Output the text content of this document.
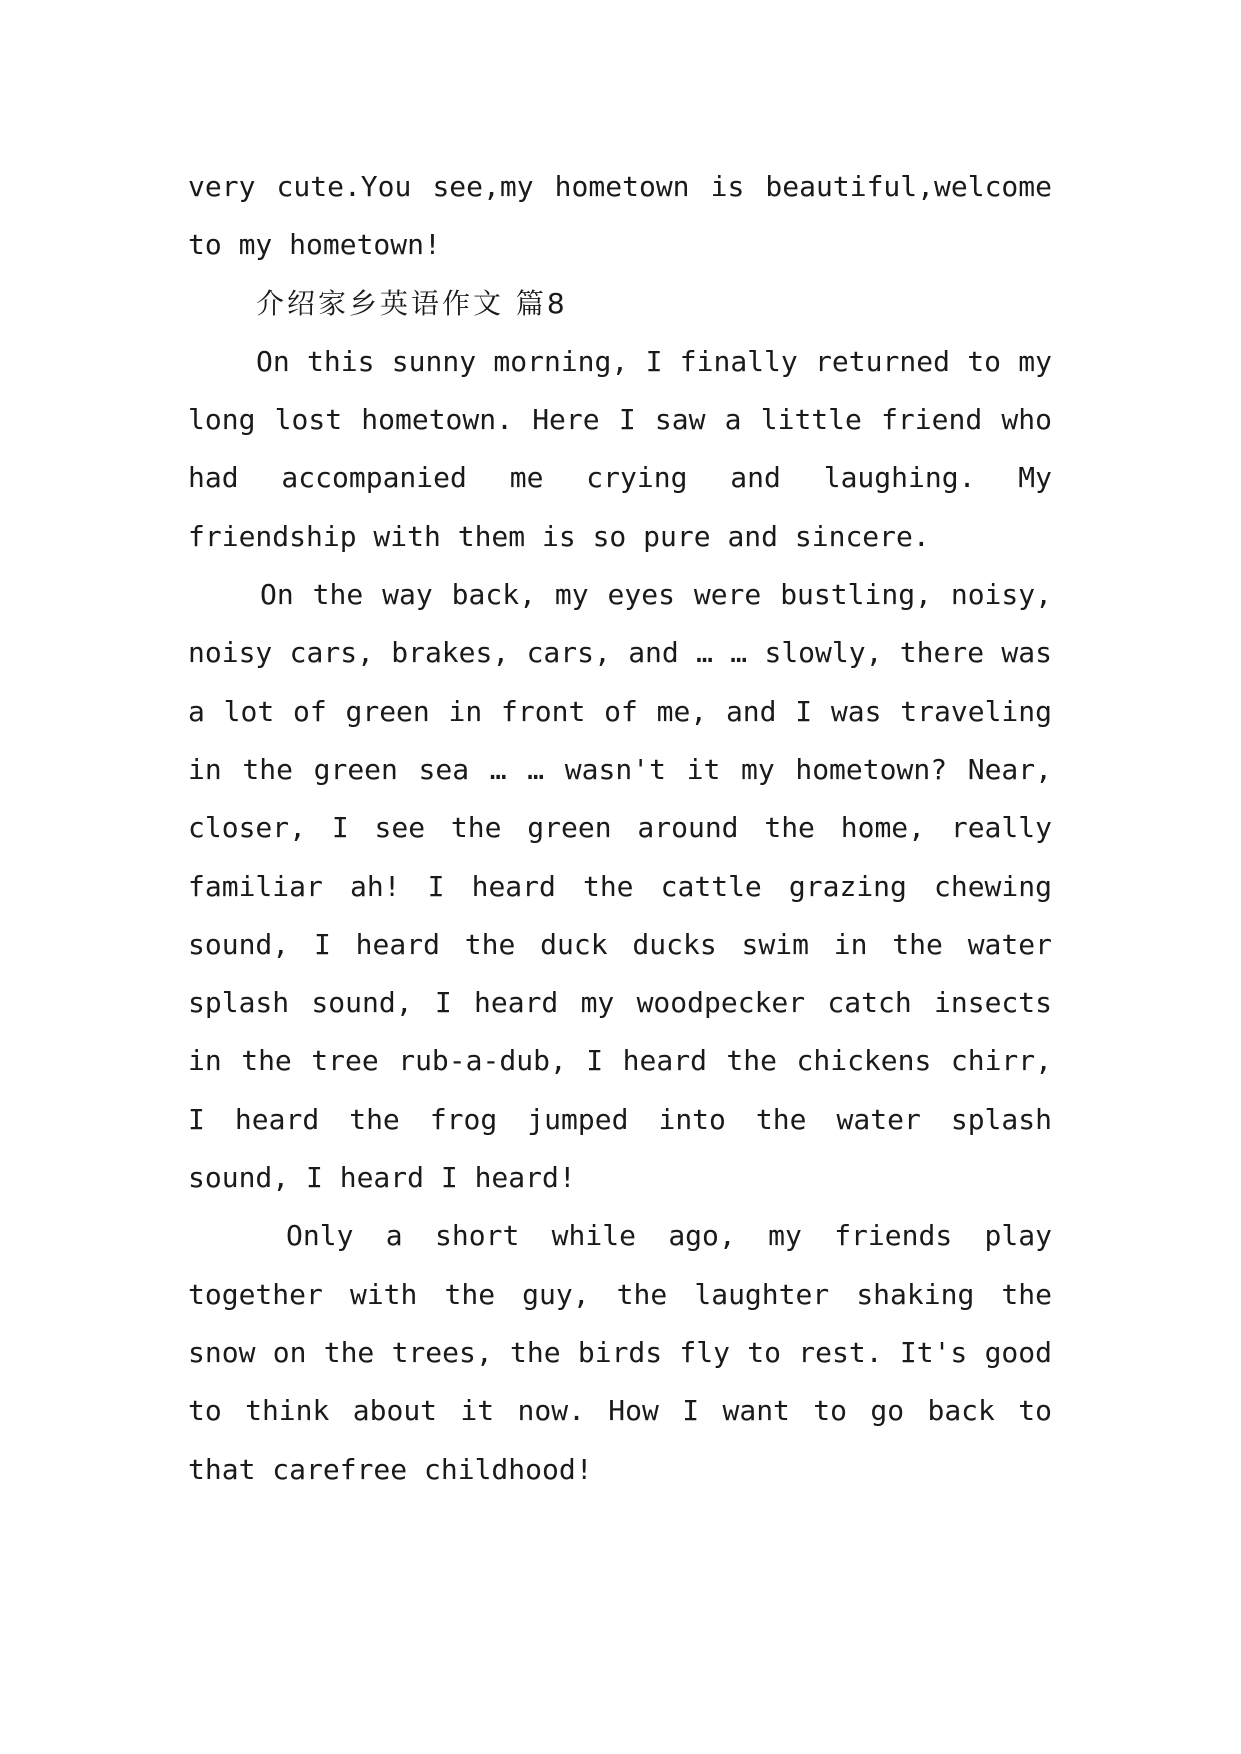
very cute.You see,my hometown is beautiful,welcome to my hometown!

介绍家乡英语作文 篇8

On this sunny morning, I finally returned to my long lost hometown. Here I saw a little friend who had accompanied me crying and laughing. My friendship with them is so pure and sincere.

On the way back, my eyes were bustling, noisy, noisy cars, brakes, cars, and … … slowly, there was a lot of green in front of me, and I was traveling in the green sea … … wasn't it my hometown? Near, closer, I see the green around the home, really familiar ah! I heard the cattle grazing chewing sound, I heard the duck ducks swim in the water splash sound, I heard my woodpecker catch insects in the tree rub-a-dub, I heard the chickens chirr, I heard the frog jumped into the water splash sound, I heard I heard!

Only a short while ago, my friends play together with the guy, the laughter shaking the snow on the trees, the birds fly to rest. It's good to think about it now. How I want to go back to that carefree childhood!
